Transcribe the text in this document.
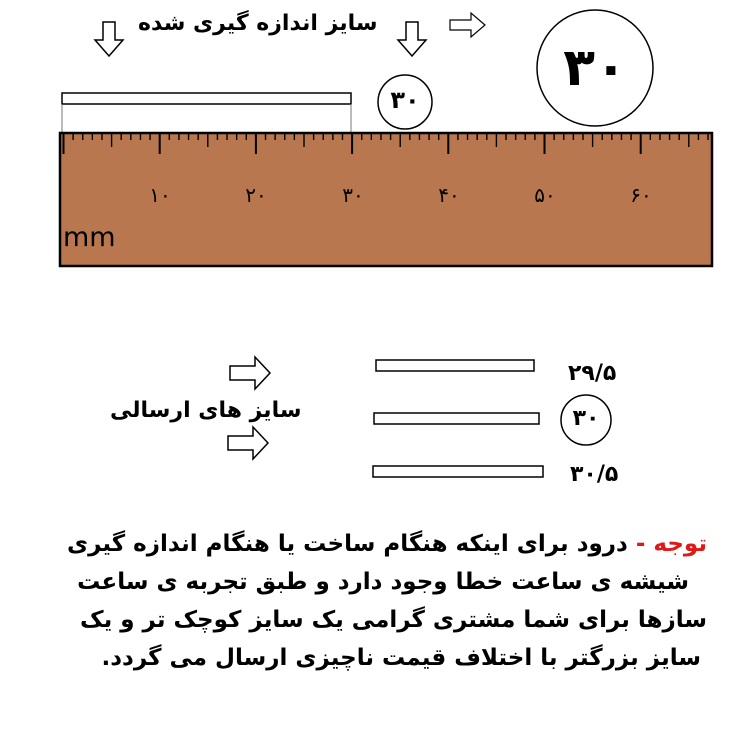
سایز اندازه گیری شده
۳۰
۳۰
mm
۱۰	۲۰	۳۰	۴۰	۵۰	۶۰
سایز های ارسالی
۲۹/۵
۳۰
۳۰/۵
توجه - درود برای اینکه هنگام ساخت یا هنگام اندازه گیری
شیشه ی ساعت خطا وجود دارد و طبق تجربه ی ساعت
سازها برای شما مشتری گرامی یک سایز کوچک تر و یک
سایز بزرگتر با اختلاف قیمت ناچیزی ارسال می گردد.
